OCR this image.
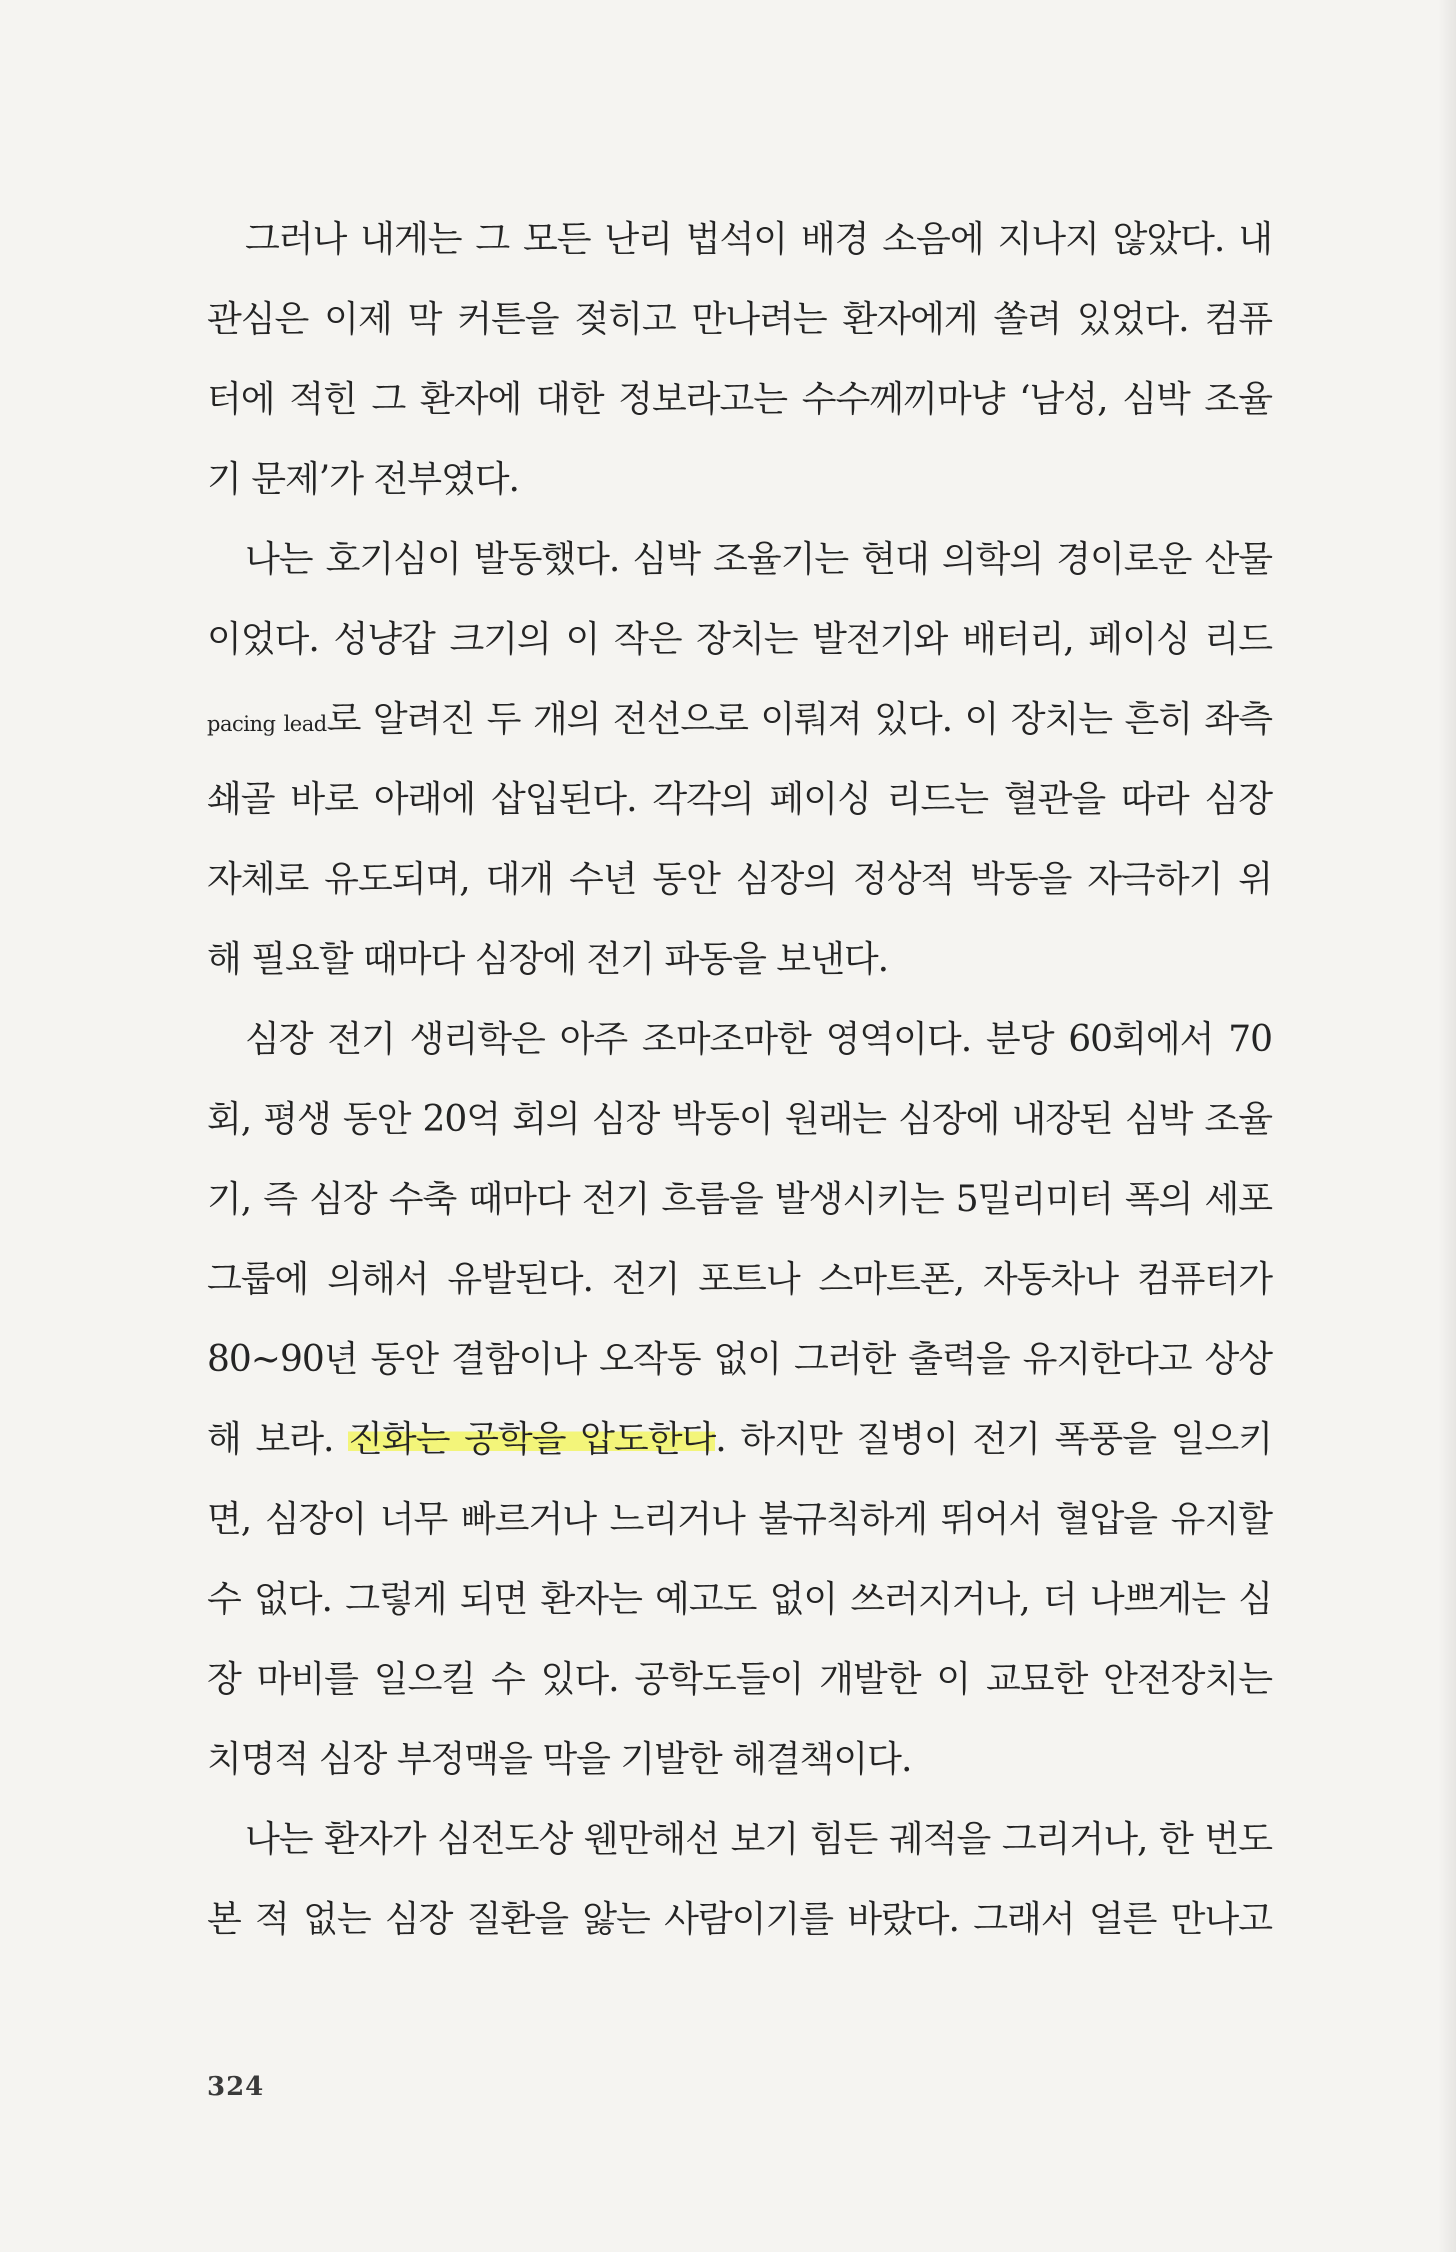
그러나 내게는 그 모든 난리 법석이 배경 소음에 지나지 않았다. 내
관심은 이제 막 커튼을 젖히고 만나려는 환자에게 쏠려 있었다. 컴퓨
터에 적힌 그 환자에 대한 정보라고는 수수께끼마냥 ‘남성, 심박 조율
기 문제’가 전부였다.
나는 호기심이 발동했다. 심박 조율기는 현대 의학의 경이로운 산물
이었다. 성냥갑 크기의 이 작은 장치는 발전기와 배터리, 페이싱 리드
pacing lead로 알려진 두 개의 전선으로 이뤄져 있다. 이 장치는 흔히 좌측
쇄골 바로 아래에 삽입된다. 각각의 페이싱 리드는 혈관을 따라 심장
자체로 유도되며, 대개 수년 동안 심장의 정상적 박동을 자극하기 위
해 필요할 때마다 심장에 전기 파동을 보낸다.
심장 전기 생리학은 아주 조마조마한 영역이다. 분당 60회에서 70
회, 평생 동안 20억 회의 심장 박동이 원래는 심장에 내장된 심박 조율
기, 즉 심장 수축 때마다 전기 흐름을 발생시키는 5밀리미터 폭의 세포
그룹에 의해서 유발된다. 전기 포트나 스마트폰, 자동차나 컴퓨터가
80~90년 동안 결함이나 오작동 없이 그러한 출력을 유지한다고 상상
해 보라. 진화는 공학을 압도한다. 하지만 질병이 전기 폭풍을 일으키
면, 심장이 너무 빠르거나 느리거나 불규칙하게 뛰어서 혈압을 유지할
수 없다. 그렇게 되면 환자는 예고도 없이 쓰러지거나, 더 나쁘게는 심
장 마비를 일으킬 수 있다. 공학도들이 개발한 이 교묘한 안전장치는
치명적 심장 부정맥을 막을 기발한 해결책이다.
나는 환자가 심전도상 웬만해선 보기 힘든 궤적을 그리거나, 한 번도
본 적 없는 심장 질환을 앓는 사람이기를 바랐다. 그래서 얼른 만나고
324
